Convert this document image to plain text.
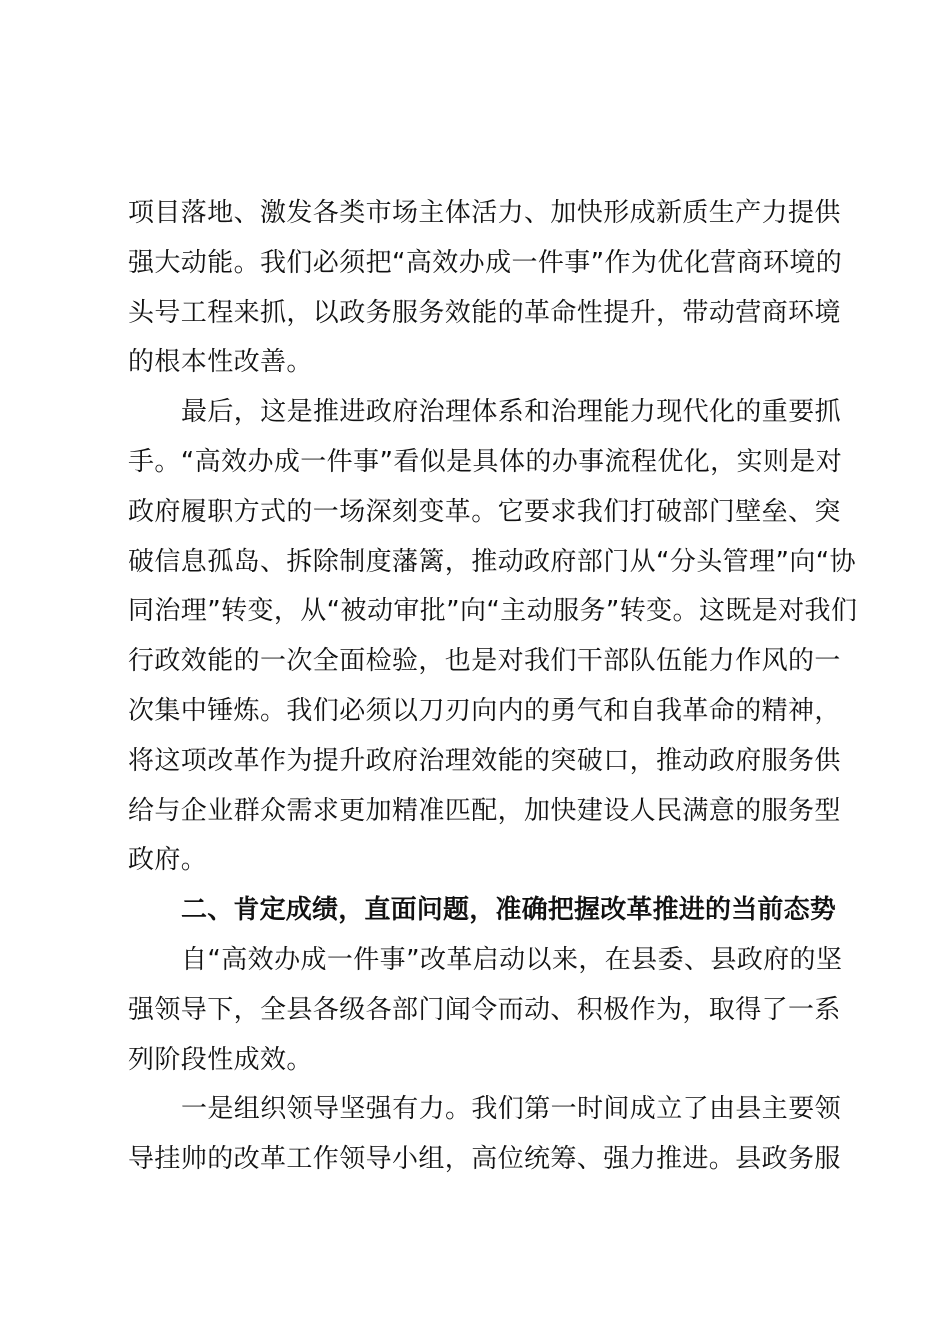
项目落地、激发各类市场主体活力、加快形成新质生产力提供
强大动能。我们必须把“高效办成一件事”作为优化营商环境的
头号工程来抓，以政务服务效能的革命性提升，带动营商环境
的根本性改善。
最后，这是推进政府治理体系和治理能力现代化的重要抓
手。“高效办成一件事”看似是具体的办事流程优化，实则是对
政府履职方式的一场深刻变革。它要求我们打破部门壁垒、突
破信息孤岛、拆除制度藩篱，推动政府部门从“分头管理”向“协
同治理”转变，从“被动审批”向“主动服务”转变。这既是对我们
行政效能的一次全面检验，也是对我们干部队伍能力作风的一
次集中锤炼。我们必须以刀刃向内的勇气和自我革命的精神，
将这项改革作为提升政府治理效能的突破口，推动政府服务供
给与企业群众需求更加精准匹配，加快建设人民满意的服务型
政府。
二、肯定成绩，直面问题，准确把握改革推进的当前态势
自“高效办成一件事”改革启动以来，在县委、县政府的坚
强领导下，全县各级各部门闻令而动、积极作为，取得了一系
列阶段性成效。
一是组织领导坚强有力。我们第一时间成立了由县主要领
导挂帅的改革工作领导小组，高位统筹、强力推进。县政务服
